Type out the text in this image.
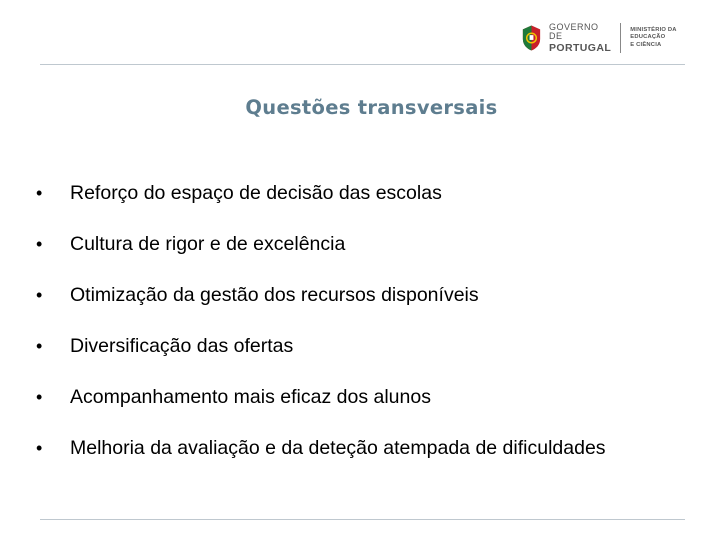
GOVERNO DE
PORTUGAL
MINISTÉRIO DA EDUCAÇÃO
E CIÊNCIA
Questões transversais
• Reforço do espaço de decisão das escolas
• Cultura de rigor e de excelência
• Otimização da gestão dos recursos disponíveis
• Diversificação das ofertas
• Acompanhamento mais eficaz dos alunos
• Melhoria da avaliação e da deteção atempada de dificuldades
